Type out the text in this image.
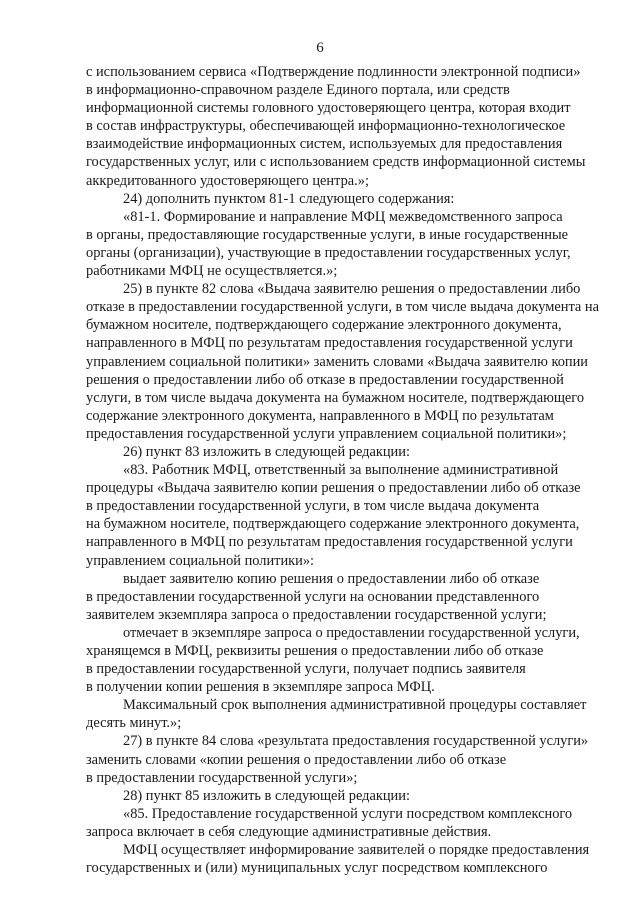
6
с использованием сервиса «Подтверждение подлинности электронной подписи»
в информационно-справочном разделе Единого портала, или средств
информационной системы головного удостоверяющего центра, которая входит
в состав инфраструктуры, обеспечивающей информационно-технологическое
взаимодействие информационных систем, используемых для предоставления
государственных услуг, или с использованием средств информационной системы
аккредитованного удостоверяющего центра.»;
24) дополнить пунктом 81-1 следующего содержания:
«81-1. Формирование и направление МФЦ межведомственного запроса
в органы, предоставляющие государственные услуги, в иные государственные
органы (организации), участвующие в предоставлении государственных услуг,
работниками МФЦ не осуществляется.»;
25) в пункте 82 слова «Выдача заявителю решения о предоставлении либо
отказе в предоставлении государственной услуги, в том числе выдача документа на
бумажном носителе, подтверждающего содержание электронного документа,
направленного в МФЦ по результатам предоставления государственной услуги
управлением социальной политики» заменить словами «Выдача заявителю копии
решения о предоставлении либо об отказе в предоставлении государственной
услуги, в том числе выдача документа на бумажном носителе, подтверждающего
содержание электронного документа, направленного в МФЦ по результатам
предоставления государственной услуги управлением социальной политики»;
26) пункт 83 изложить в следующей редакции:
«83. Работник МФЦ, ответственный за выполнение административной
процедуры «Выдача заявителю копии решения о предоставлении либо об отказе
в предоставлении государственной услуги, в том числе выдача документа
на бумажном носителе, подтверждающего содержание электронного документа,
направленного в МФЦ по результатам предоставления государственной услуги
управлением социальной политики»:
выдает заявителю копию решения о предоставлении либо об отказе
в предоставлении государственной услуги на основании представленного
заявителем экземпляра запроса о предоставлении государственной услуги;
отмечает в экземпляре запроса о предоставлении государственной услуги,
хранящемся в МФЦ, реквизиты решения о предоставлении либо об отказе
в предоставлении государственной услуги, получает подпись заявителя
в получении копии решения в экземпляре запроса МФЦ.
Максимальный срок выполнения административной процедуры составляет
десять минут.»;
27) в пункте 84 слова «результата предоставления государственной услуги»
заменить словами «копии решения о предоставлении либо об отказе
в предоставлении государственной услуги»;
28) пункт 85 изложить в следующей редакции:
«85. Предоставление государственной услуги посредством комплексного
запроса включает в себя следующие административные действия.
МФЦ осуществляет информирование заявителей о порядке предоставления
государственных и (или) муниципальных услуг посредством комплексного
